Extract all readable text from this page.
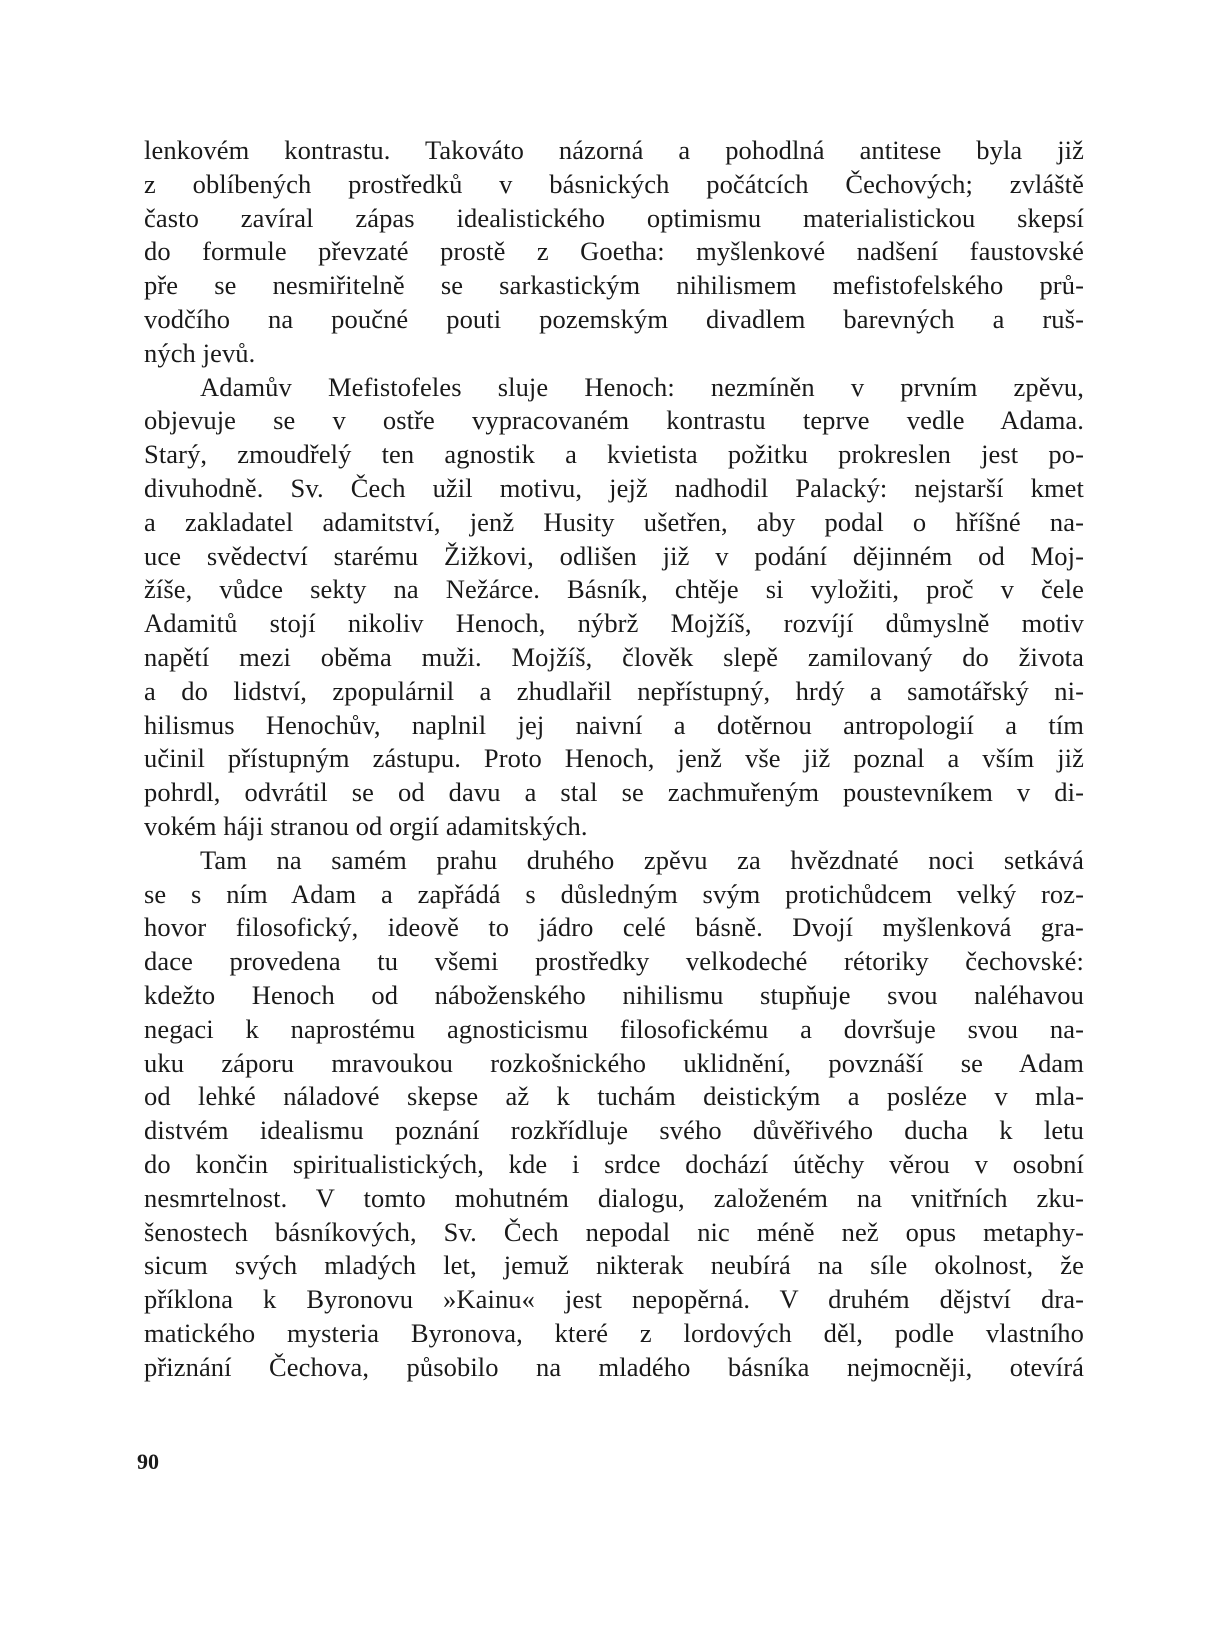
lenkovém kontrastu. Takováto názorná a pohodlná antitese byla již
z oblíbených prostředků v básnických počátcích Čechových; zvláště
často zavíral zápas idealistického optimismu materialistickou skepsí
do formule převzaté prostě z Goetha: myšlenkové nadšení faustovské
pře se nesmiřitelně se sarkastickým nihilismem mefistofelského prů-
vodčího na poučné pouti pozemským divadlem barevných a ruš-
ných jevů.
Adamův Mefistofeles sluje Henoch: nezmíněn v prvním zpěvu,
objevuje se v ostře vypracovaném kontrastu teprve vedle Adama.
Starý, zmoudřelý ten agnostik a kvietista požitku prokreslen jest po-
divuhodně. Sv. Čech užil motivu, jejž nadhodil Palacký: nejstarší kmet
a zakladatel adamitství, jenž Husity ušetřen, aby podal o hříšné na-
uce svědectví starému Žižkovi, odlišen již v podání dějinném od Moj-
žíše, vůdce sekty na Nežárce. Básník, chtěje si vyložiti, proč v čele
Adamitů stojí nikoliv Henoch, nýbrž Mojžíš, rozvíjí důmyslně motiv
napětí mezi oběma muži. Mojžíš, člověk slepě zamilovaný do života
a do lidství, zpopulárnil a zhudlařil nepřístupný, hrdý a samotářský ni-
hilismus Henochův, naplnil jej naivní a dotěrnou antropologií a tím
učinil přístupným zástupu. Proto Henoch, jenž vše již poznal a vším již
pohrdl, odvrátil se od davu a stal se zachmuřeným poustevníkem v di-
vokém háji stranou od orgií adamitských.
Tam na samém prahu druhého zpěvu za hvězdnaté noci setkává
se s ním Adam a zapřádá s důsledným svým protichůdcem velký roz-
hovor filosofický, ideově to jádro celé básně. Dvojí myšlenková gra-
dace provedena tu všemi prostředky velkodeché rétoriky čechovské:
kdežto Henoch od náboženského nihilismu stupňuje svou naléhavou
negaci k naprostému agnosticismu filosofickému a dovršuje svou na-
uku záporu mravoukou rozkošnického uklidnění, povznáší se Adam
od lehké náladové skepse až k tuchám deistickým a posléze v mla-
distvém idealismu poznání rozkřídluje svého důvěřivého ducha k letu
do končin spiritualistických, kde i srdce dochází útěchy věrou v osobní
nesmrtelnost. V tomto mohutném dialogu, založeném na vnitřních zku-
šenostech básníkových, Sv. Čech nepodal nic méně než opus metaphy-
sicum svých mladých let, jemuž nikterak neubírá na síle okolnost, že
příklona k Byronovu »Kainu« jest nepopěrná. V druhém dějství dra-
matického mysteria Byronova, které z lordových děl, podle vlastního
přiznání Čechova, působilo na mladého básníka nejmocněji, otevírá
90
